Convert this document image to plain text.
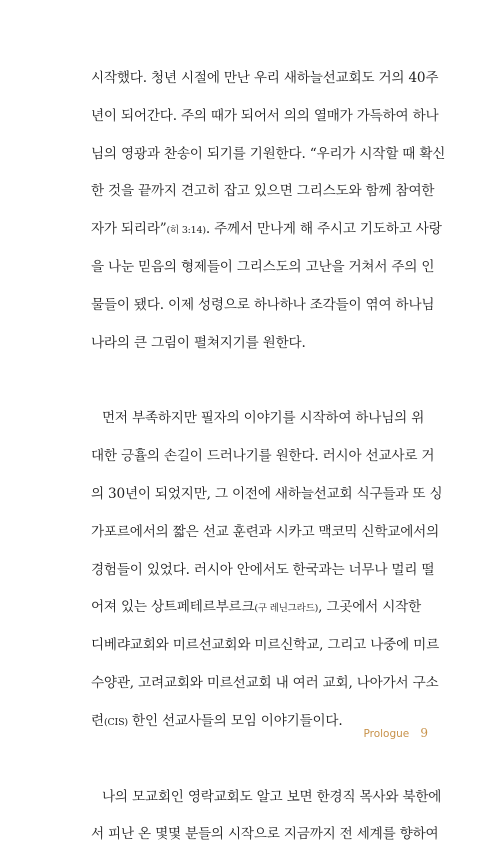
시작했다. 청년 시절에 만난 우리 새하늘선교회도 거의 40주
년이 되어간다. 주의 때가 되어서 의의 열매가 가득하여 하나
님의 영광과 찬송이 되기를 기원한다. “우리가 시작할 때 확신
한 것을 끝까지 견고히 잡고 있으면 그리스도와 함께 참여한
자가 되리라”(히 3:14). 주께서 만나게 해 주시고 기도하고 사랑
을 나눈 믿음의 형제들이 그리스도의 고난을 거쳐서 주의 인
물들이 됐다. 이제 성령으로 하나하나 조각들이 엮여 하나님
나라의 큰 그림이 펼쳐지기를 원한다.
먼저 부족하지만 필자의 이야기를 시작하여 하나님의 위
대한 긍휼의 손길이 드러나기를 원한다. 러시아 선교사로 거
의 30년이 되었지만, 그 이전에 새하늘선교회 식구들과 또 싱
가포르에서의 짧은 선교 훈련과 시카고 맥코믹 신학교에서의
경험들이 있었다. 러시아 안에서도 한국과는 너무나 멀리 떨
어져 있는 상트페테르부르크(구 레닌그라드), 그곳에서 시작한
디베랴교회와 미르선교회와 미르신학교, 그리고 나중에 미르
수양관, 고려교회와 미르선교회 내 여러 교회, 나아가서 구소
련(CIS) 한인 선교사들의 모임 이야기들이다.
나의 모교회인 영락교회도 알고 보면 한경직 목사와 북한에
서 피난 온 몇몇 분들의 시작으로 지금까지 전 세계를 향하여
Prologue 9
